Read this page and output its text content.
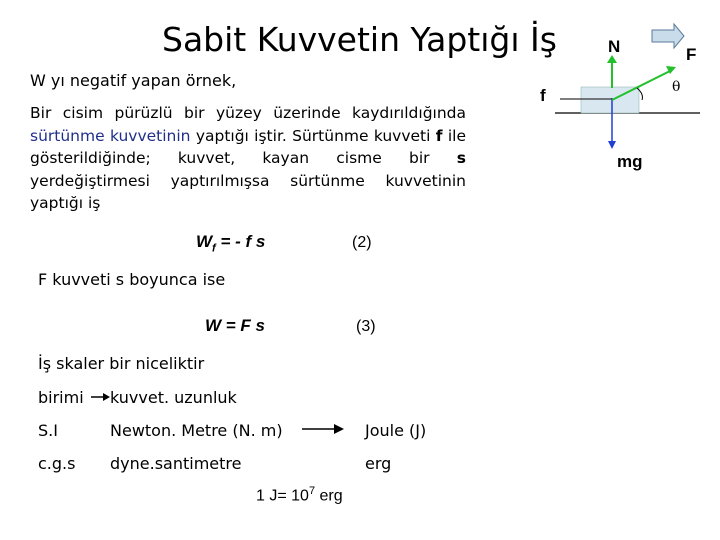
Sabit Kuvvetin Yaptığı İş
W yı negatif yapan örnek,
Bir cisim pürüzlü bir yüzey üzerinde kaydırıldığında sürtünme kuvvetinin yaptığı iştir. Sürtünme kuvveti f ile gösterildiğinde; kuvvet, kayan cisme bir s yerdeğiştirmesi yaptırılmışsa sürtünme kuvvetinin yaptığı iş
$W_f$ = - f s	(2)
F kuvveti s boyunca ise
W = F s	(3)
İş skaler bir niceliktir
birimi kuvvet. uzunluk
S.I	Newton. Metre (N. m)	Joule (J)
c.g.s dyne.santimetre	erg
1 $J= 10^7$ erg
N	F
θ
f
mg
